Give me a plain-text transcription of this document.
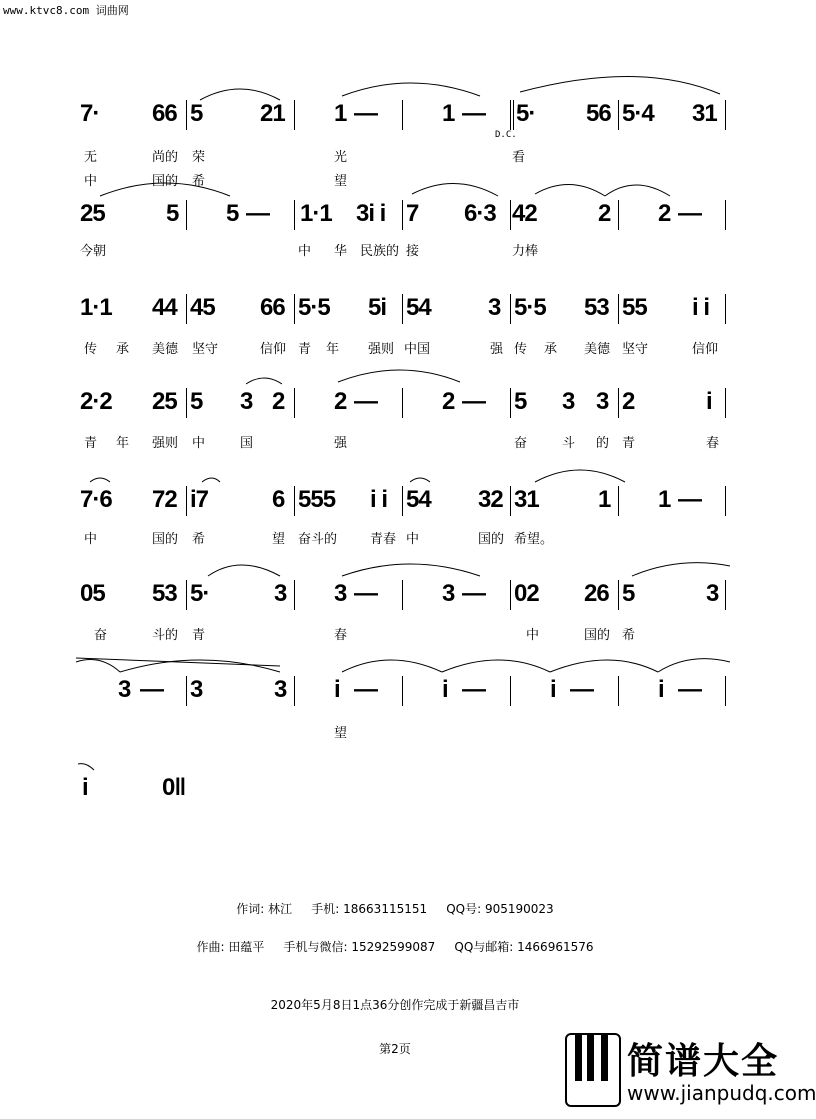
www.ktvc8.com 词曲网
7· 66 5 21 1 —	1 — 5· 56 5·4 31
D.C.
无	尚的 荣	光	看
中	国的 希	望
25	5 5 — 1·1 3i i 7 6·3 42	2 2 —
今朝	中 华 民族的 接	力棒
1·1 44 45 66 5·5 5i 54 3 5·5 53 55 i i
传 承 美德 坚守	信仰 青 年 强则 中国	强 传 承 美德 坚守	信仰
2·2 25 5 3 2 2 —	2 — 5 3 3 2	i
青 年 强则 中	国	强	奋	斗 的 青	春
7·6 72 i7	6 555 i i 54 32 31 1 1 —
中	国的 希	望 奋斗的	青春 中	国的 希望。
05 53 5·	3 3 —	3 — 02 26 5	3
奋	斗的 青	春	中	国的 希
3 — 3	3 i —	i —	i —	i —
望
i	0‖
作词: 林江 手机: 18663115151 QQ号: 905190023
作曲: 田蕴平 手机与微信: 15292599087 QQ与邮箱: 1466961576
2020年5月8日1点36分创作完成于新疆昌吉市
第2页	简谱大全
www.jianpudq.com
